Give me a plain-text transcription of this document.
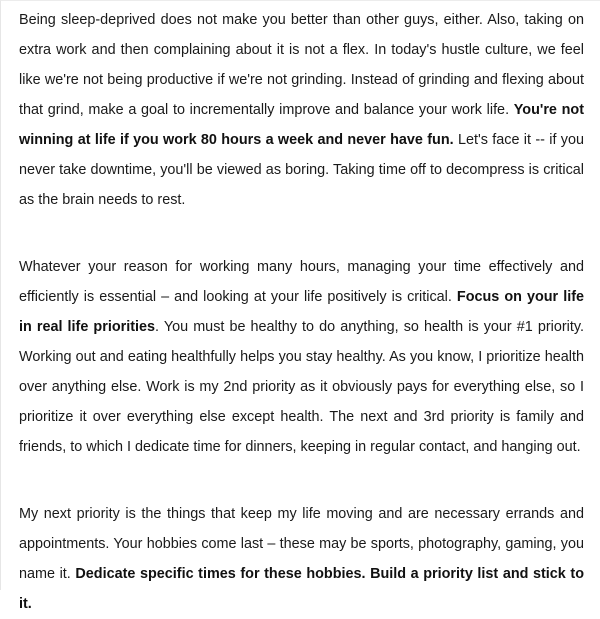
Being sleep-deprived does not make you better than other guys, either. Also, taking on extra work and then complaining about it is not a flex. In today's hustle culture, we feel like we're not being productive if we're not grinding. Instead of grinding and flexing about that grind, make a goal to incrementally improve and balance your work life. You're not winning at life if you work 80 hours a week and never have fun. Let's face it -- if you never take downtime, you'll be viewed as boring. Taking time off to decompress is critical as the brain needs to rest.

Whatever your reason for working many hours, managing your time effectively and efficiently is essential – and looking at your life positively is critical. Focus on your life in real life priorities. You must be healthy to do anything, so health is your #1 priority. Working out and eating healthfully helps you stay healthy. As you know, I prioritize health over anything else. Work is my 2nd priority as it obviously pays for everything else, so I prioritize it over everything else except health. The next and 3rd priority is family and friends, to which I dedicate time for dinners, keeping in regular contact, and hanging out.

My next priority is the things that keep my life moving and are necessary errands and appointments. Your hobbies come last – these may be sports, photography, gaming, you name it. Dedicate specific times for these hobbies. Build a priority list and stick to it.
